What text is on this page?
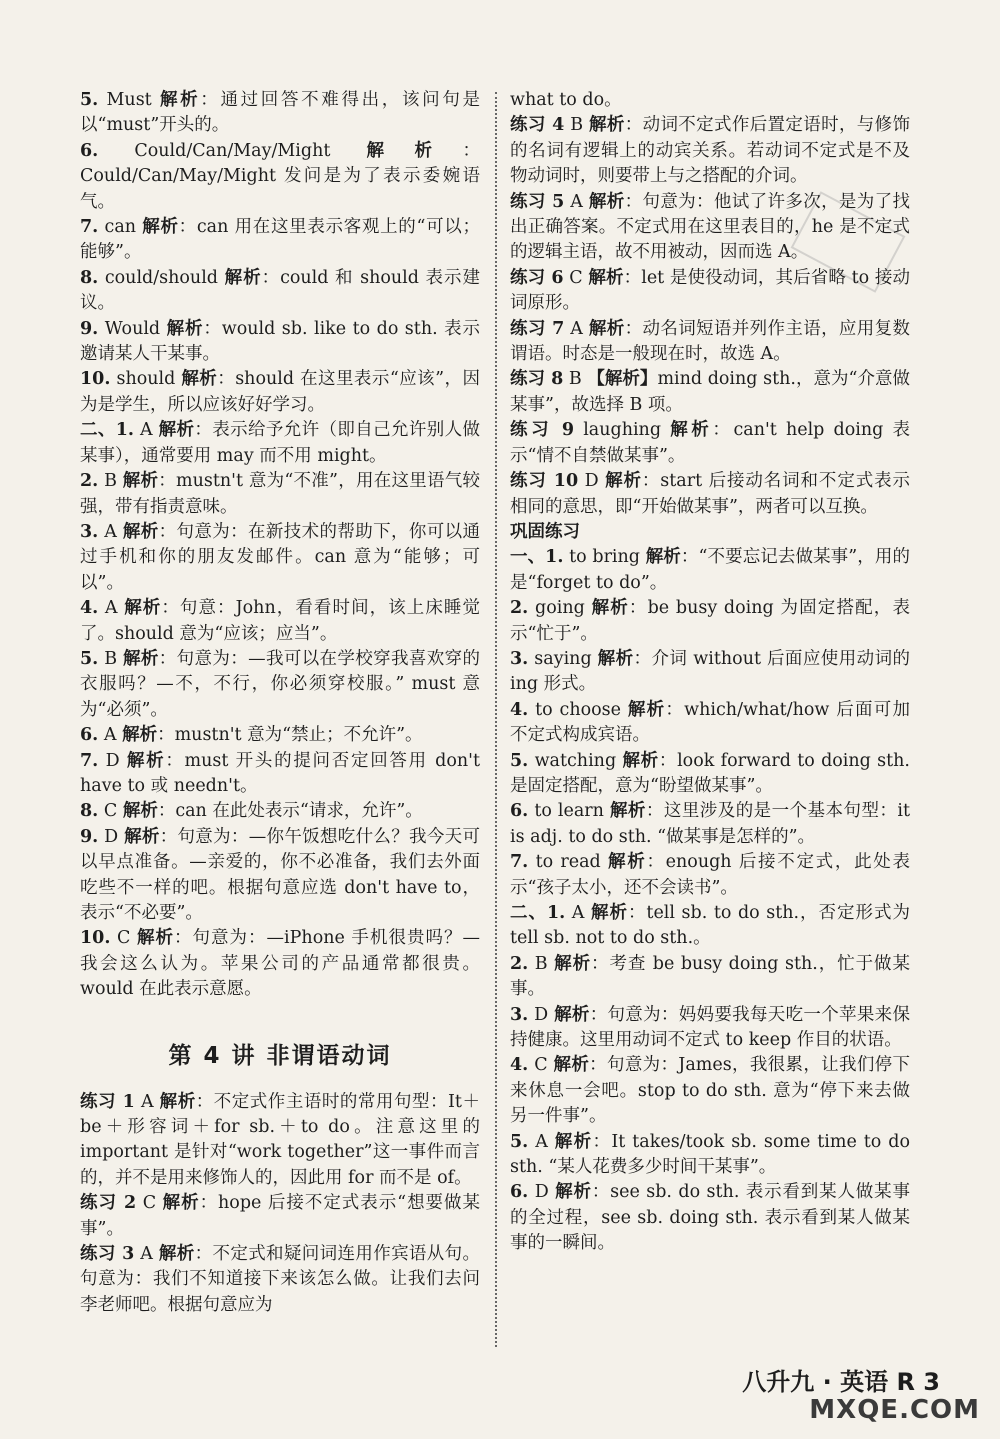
5. Must 解析：通过回答不难得出，该问句是以“must”开头的。

6. Could/Can/May/Might 解析：Could/Can/May/Might 发问是为了表示委婉语气。

7. can 解析：can 用在这里表示客观上的“可以；能够”。

8. could/should 解析：could 和 should 表示建议。

9. Would 解析：would sb. like to do sth. 表示邀请某人干某事。

10. should 解析：should 在这里表示“应该”，因为是学生，所以应该好好学习。

二、1. A 解析：表示给予允许（即自己允许别人做某事），通常要用 may 而不用 might。

2. B 解析：mustn't 意为“不准”，用在这里语气较强，带有指责意味。

3. A 解析：句意为：在新技术的帮助下，你可以通过手机和你的朋友发邮件。can 意为“能够；可以”。

4. A 解析：句意：John，看看时间，该上床睡觉了。should 意为“应该；应当”。

5. B 解析：句意为：—我可以在学校穿我喜欢穿的衣服吗？—不，不行，你必须穿校服。” must 意为“必须”。

6. A 解析：mustn't 意为“禁止；不允许”。

7. D 解析：must 开头的提问否定回答用 don't have to 或 needn't。

8. C 解析：can 在此处表示“请求，允许”。

9. D 解析：句意为：—你午饭想吃什么？我今天可以早点准备。—亲爱的，你不必准备，我们去外面吃些不一样的吧。根据句意应选 don't have to，表示“不必要”。

10. C 解析：句意为：—iPhone 手机很贵吗？—我会这么认为。苹果公司的产品通常都很贵。would 在此表示意愿。

第 4 讲 非谓语动词

练习 1 A 解析：不定式作主语时的常用句型：It＋be＋形容词＋for sb.＋to do。注意这里的 important 是针对“work together”这一事件而言的，并不是用来修饰人的，因此用 for 而不是 of。

练习 2 C 解析：hope 后接不定式表示“想要做某事”。

练习 3 A 解析：不定式和疑问词连用作宾语从句。句意为：我们不知道接下来该怎么做。让我们去问李老师吧。根据句意应为

what to do。

练习 4 B 解析：动词不定式作后置定语时，与修饰的名词有逻辑上的动宾关系。若动词不定式是不及物动词时，则要带上与之搭配的介词。

练习 5 A 解析：句意为：他试了许多次，是为了找出正确答案。不定式用在这里表目的，he 是不定式的逻辑主语，故不用被动，因而选 A。

练习 6 C 解析：let 是使役动词，其后省略 to 接动词原形。

练习 7 A 解析：动名词短语并列作主语，应用复数谓语。时态是一般现在时，故选 A。

练习 8 B 【解析】mind doing sth.，意为“介意做某事”，故选择 B 项。

练习 9 laughing 解析：can't help doing 表示“情不自禁做某事”。

练习 10 D 解析：start 后接动名词和不定式表示相同的意思，即“开始做某事”，两者可以互换。

巩固练习

一、1. to bring 解析：“不要忘记去做某事”，用的是“forget to do”。

2. going 解析：be busy doing 为固定搭配，表示“忙于”。

3. saying 解析：介词 without 后面应使用动词的 ing 形式。

4. to choose 解析：which/what/how 后面可加不定式构成宾语。

5. watching 解析：look forward to doing sth. 是固定搭配，意为“盼望做某事”。

6. to learn 解析：这里涉及的是一个基本句型：it is adj. to do sth. “做某事是怎样的”。

7. to read 解析：enough 后接不定式，此处表示“孩子太小，还不会读书”。

二、1. A 解析：tell sb. to do sth.，否定形式为 tell sb. not to do sth.。

2. B 解析：考查 be busy doing sth.，忙于做某事。

3. D 解析：句意为：妈妈要我每天吃一个苹果来保持健康。这里用动词不定式 to keep 作目的状语。

4. C 解析：句意为：James，我很累，让我们停下来休息一会吧。stop to do sth. 意为“停下来去做另一件事”。

5. A 解析：It takes/took sb. some time to do sth. “某人花费多少时间干某事”。

6. D 解析：see sb. do sth. 表示看到某人做某事的全过程，see sb. doing sth. 表示看到某人做某事的一瞬间。

八升九 · 英语 R 3
MXQE.COM
